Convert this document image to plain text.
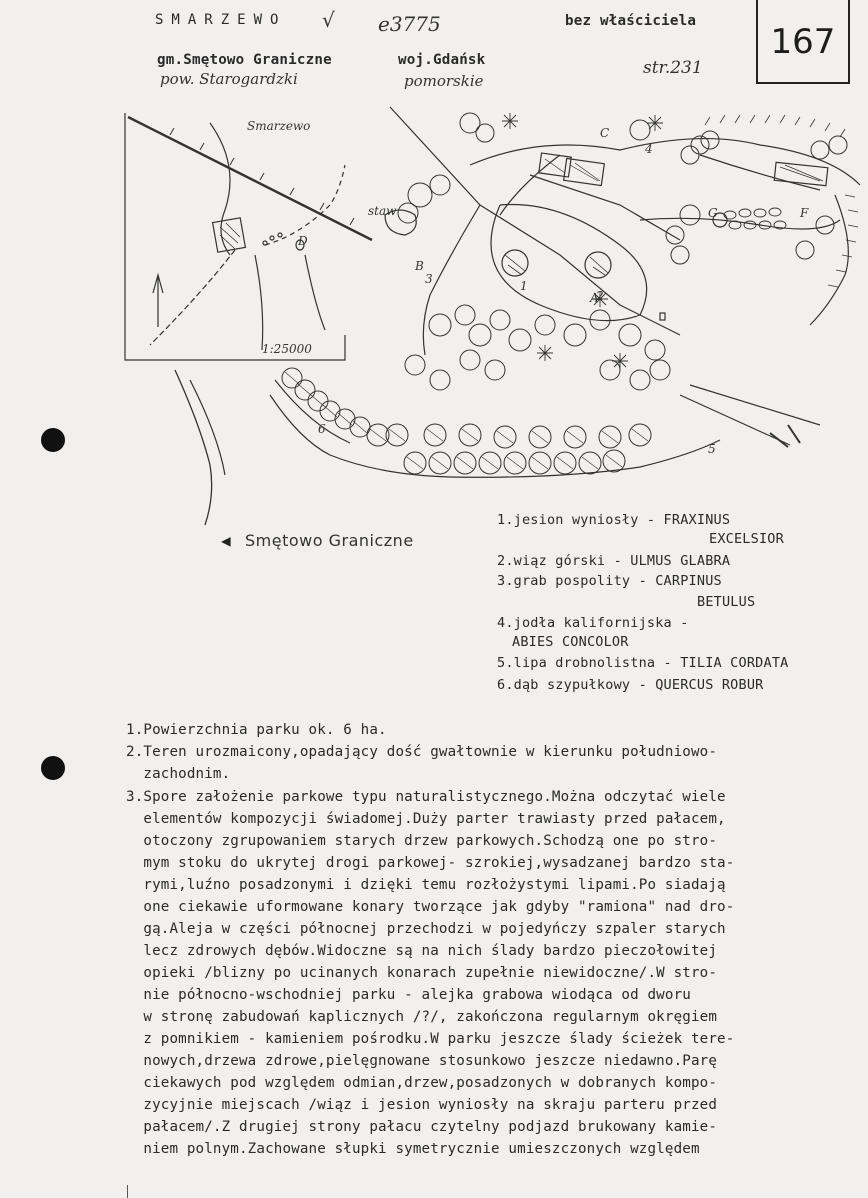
SMARZEWO √ e3775	bez właściciela
167
gm.Smętowo Graniczne	woj.Gdańsk
pow. Starogardzki	pomorskie
str.231
Smarzewo
1:25000
staw
1
2
3
4
5
6
A
B
C
D
F
G
◀ Smętowo Graniczne
1.jesion wyniosły - FRAXINUS
EXCELSIOR
2.wiąz górski - ULMUS GLABRA
3.grab pospolity - CARPINUS
BETULUS
4.jodła kalifornijska -
ABIES CONCOLOR
5.lipa drobnolistna - TILIA CORDATA
6.dąb szypułkowy - QUERCUS ROBUR
1.Powierzchnia parku ok. 6 ha.
2.Teren urozmaicony,opadający dość gwałtownie w kierunku południowo-
zachodnim.
3.Spore założenie parkowe typu naturalistycznego.Można odczytać wiele
elementów kompozycji świadomej.Duży parter trawiasty przed pałacem,
otoczony zgrupowaniem starych drzew parkowych.Schodzą one po stro-
mym stoku do ukrytej drogi parkowej- szrokiej,wysadzanej bardzo sta-
rymi,luźno posadzonymi i dzięki temu rozłożystymi lipami.Po siadają
one ciekawie uformowane konary tworzące jak gdyby "ramiona" nad dro-
gą.Aleja w części północnej przechodzi w pojedyńczy szpaler starych
lecz zdrowych dębów.Widoczne są na nich ślady bardzo pieczołowitej
opieki /blizny po ucinanych konarach zupełnie niewidoczne/.W stro-
nie północno-wschodniej parku - alejka grabowa wiodąca od dworu
w stronę zabudowań kaplicznych /?/, zakończona regularnym okręgiem
z pomnikiem - kamieniem pośrodku.W parku jeszcze ślady ścieżek tere-
nowych,drzewa zdrowe,pielęgnowane stosunkowo jeszcze niedawno.Parę
ciekawych pod względem odmian,drzew,posadzonych w dobranych kompo-
zycyjnie miejscach /wiąz i jesion wyniosły na skraju parteru przed
pałacem/.Z drugiej strony pałacu czytelny podjazd brukowany kamie-
niem polnym.Zachowane słupki symetrycznie umieszczonych względem
